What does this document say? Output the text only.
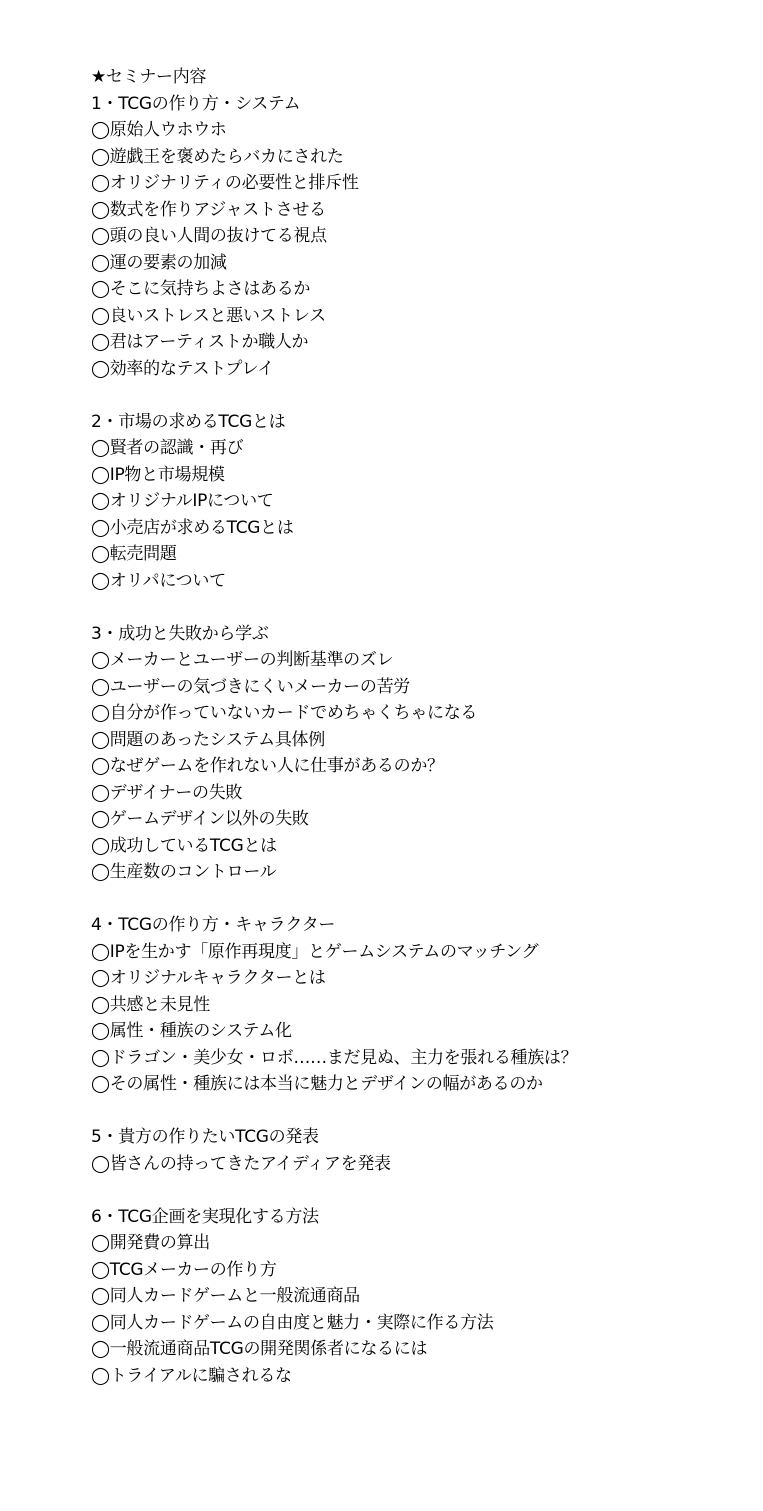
★セミナー内容
1・TCGの作り方・システム
◯原始人ウホウホ
◯遊戯王を褒めたらバカにされた
◯オリジナリティの必要性と排斥性
◯数式を作りアジャストさせる
◯頭の良い人間の抜けてる視点
◯運の要素の加減
◯そこに気持ちよさはあるか
◯良いストレスと悪いストレス
◯君はアーティストか職人か
◯効率的なテストプレイ
2・市場の求めるTCGとは
◯賢者の認識・再び
◯IP物と市場規模
◯オリジナルIPについて
◯小売店が求めるTCGとは
◯転売問題
◯オリパについて
3・成功と失敗から学ぶ
◯メーカーとユーザーの判断基準のズレ
◯ユーザーの気づきにくいメーカーの苦労
◯自分が作っていないカードでめちゃくちゃになる
◯問題のあったシステム具体例
◯なぜゲームを作れない人に仕事があるのか？
◯デザイナーの失敗
◯ゲームデザイン以外の失敗
◯成功しているTCGとは
◯生産数のコントロール
4・TCGの作り方・キャラクター
◯IPを生かす「原作再現度」とゲームシステムのマッチング
◯オリジナルキャラクターとは
◯共感と未見性
◯属性・種族のシステム化
◯ドラゴン・美少女・ロボ……まだ見ぬ、主力を張れる種族は？
◯その属性・種族には本当に魅力とデザインの幅があるのか
5・貴方の作りたいTCGの発表
◯皆さんの持ってきたアイディアを発表
6・TCG企画を実現化する方法
◯開発費の算出
◯TCGメーカーの作り方
◯同人カードゲームと一般流通商品
◯同人カードゲームの自由度と魅力・実際に作る方法
◯一般流通商品TCGの開発関係者になるには
◯トライアルに騙されるな
